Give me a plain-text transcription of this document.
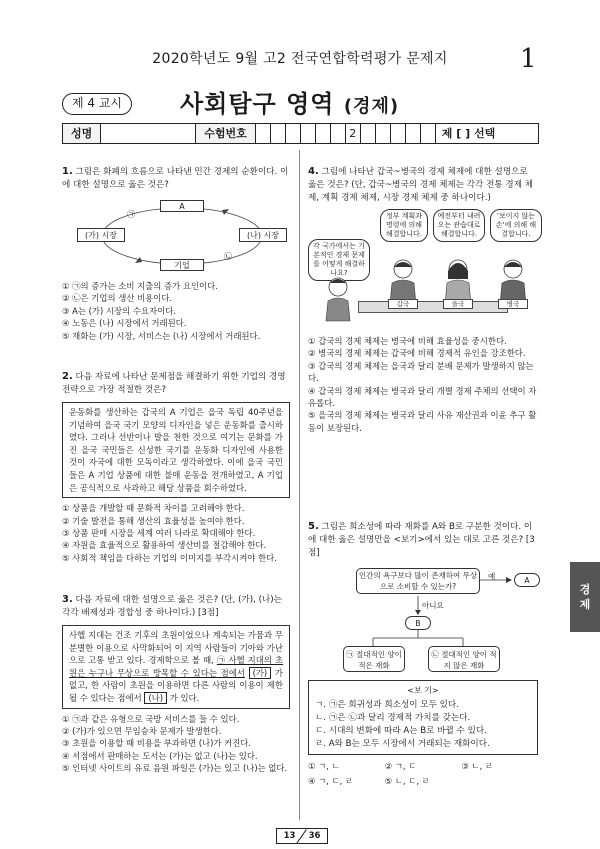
2020학년도 9월 고2 전국연합학력평가 문제지	1
제 4 교시	사회탐구 영역 (경제)
성명	수험번호	2	제 [ ] 선택
1. 그림은 화폐의 흐름으로 나타낸 민간 경제의 순환이다. 이에 대한 설명으로 옳은 것은?
A
(가) 시장	(나) 시장
기업
㉠
㉡
① ㉠의 증가는 소비 지출의 증가 요인이다.
② ㉡은 기업의 생산 비용이다.
③ A는 (가) 시장의 수요자이다.
④ 노동은 (나) 시장에서 거래된다.
⑤ 재화는 (가) 시장, 서비스는 (나) 시장에서 거래된다.
2. 다음 자료에 나타난 문제점을 해결하기 위한 기업의 경영 전략으로 가장 적절한 것은?
운동화를 생산하는 갑국의 A 기업은 을국 독립 40주년을 기념하여 을국 국기 모양의 디자인을 넣은 운동화를 출시하였다. 그러나 선반이나 발을 천한 것으로 여기는 문화를 가진 을국 국민들은 신성한 국기를 운동화 디자인에 사용한 것이 자국에 대한 모독이라고 생각하였다. 이에 을국 국민들은 A 기업 상품에 대한 불매 운동을 전개하였고, A 기업은 공식적으로 사과하고 해당 상품을 회수하였다.
① 상품을 개발할 때 문화적 차이를 고려해야 한다.
② 기술 발전을 통해 생산의 효율성을 높여야 한다.
③ 상품 판매 시장을 세계 여러 나라로 확대해야 한다.
④ 자원을 효율적으로 활용하여 생산비를 절감해야 한다.
⑤ 사회적 책임을 다하는 기업의 이미지를 부각시켜야 한다.
3. 다음 자료에 대한 설명으로 옳은 것은? (단, (가), (나)는 각각 배제성과 경합성 중 하나이다.) [3점]
사헬 지대는 건조 기후의 초원이었으나 계속되는 가뭄과 무분별한 이용으로 사막화되어 이 지역 사람들이 기아와 가난으로 고통 받고 있다. 경제학으로 볼 때, ㉠ 사헬 지대의 초원은 누구나 무상으로 방목할 수 있다는 점에서 (가) 가 없고, 한 사람이 초원을 이용하면 다른 사람의 이용이 제한될 수 있다는 점에서 (나) 가 있다.
① ㉠과 같은 유형으로 국방 서비스를 들 수 있다.
② (가)가 있으면 무임승차 문제가 발생한다.
③ 초원을 이용할 때 비용을 부과하면 (나)가 커진다.
④ 서점에서 판매하는 도서는 (가)는 없고 (나)는 있다.
⑤ 인터넷 사이트의 유료 음원 파일은 (가)는 있고 (나)는 없다.
4. 그림에 나타난 갑국~병국의 경제 체제에 대한 설명으로 옳은 것은? (단, 갑국~병국의 경제 체제는 각각 전통 경제 체제, 계획 경제 체제, 시장 경제 체제 중 하나이다.)
각 국가에서는 기본적인 경제 문제를 어떻게 해결하나요?
정부 계획과 명령에 의해 해결합니다.
예전부터 내려오는 관습대로 해결합니다.
'보이지 않는 손'에 의해 해결합니다.
갑국	을국	병국
① 갑국의 경제 체제는 병국에 비해 효율성을 중시한다.
② 병국의 경제 체제는 갑국에 비해 경제적 유인을 강조한다.
③ 갑국의 경제 체제는 을국과 달리 분배 문제가 발생하지 않는다.
④ 갑국의 경제 체제는 병국과 달리 개별 경제 주체의 선택이 자유롭다.
⑤ 을국의 경제 체제는 병국과 달리 사유 재산권과 이윤 추구 활동이 보장된다.
5. 그림은 희소성에 따라 재화를 A와 B로 구분한 것이다. 이에 대한 옳은 설명만을 <보기>에서 있는 대로 고른 것은? [3점]
인간의 욕구보다 많이 존재하여 무상으로 소비할 수 있는가?
예	A
아니요
B
㉠ 절대적인 양이 적은 재화
㉡ 절대적인 양이 적지 않은 재화
<보 기>
ㄱ. ㉠은 희귀성과 희소성이 모두 있다.
ㄴ. ㉠은 ㉡과 달리 경제적 가치를 갖는다.
ㄷ. 시대의 변화에 따라 A는 B로 바뀔 수 있다.
ㄹ. A와 B는 모두 시장에서 거래되는 재화이다.
① ㄱ, ㄴ	② ㄱ, ㄷ	③ ㄴ, ㄹ
④ ㄱ, ㄷ, ㄹ	⑤ ㄴ, ㄷ, ㄹ
경
제
13	36
